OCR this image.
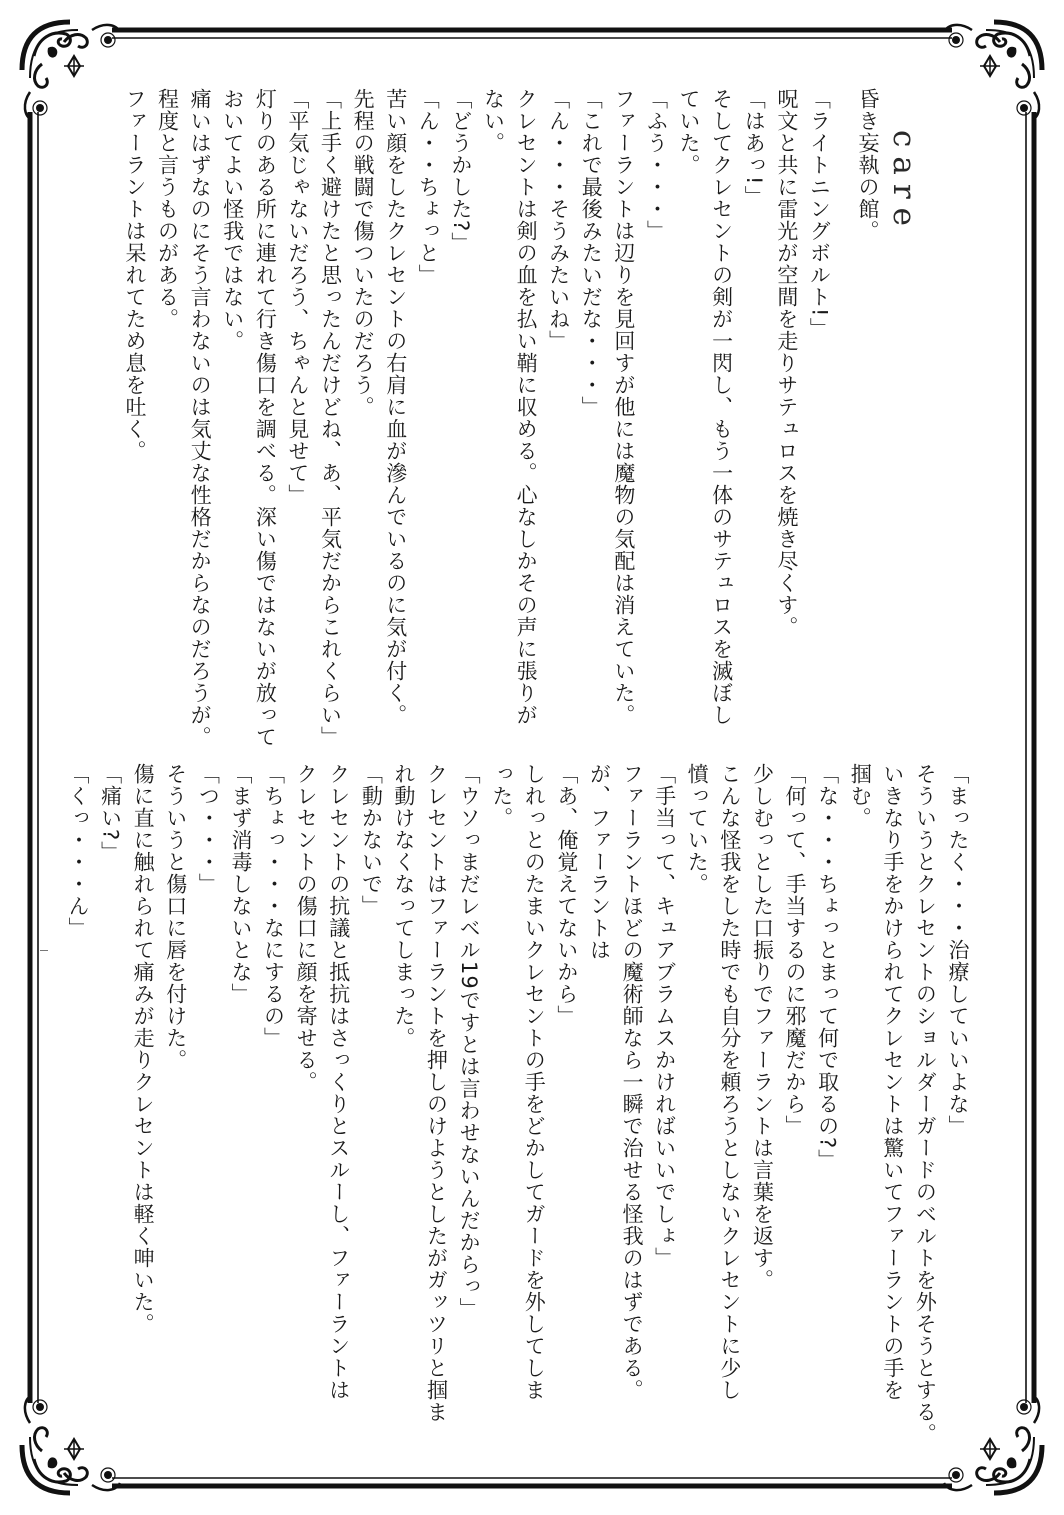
care

昏き妄執の館。

「ライトニングボルト!」

呪文と共に雷光が空間を走りサテュロスを焼き尽くす。

「はあっ!」

そしてクレセントの剣が一閃し、もう一体のサテュロスを滅ぼし

ていた。

「ふう・・・」

ファーラントは辺りを見回すが他には魔物の気配は消えていた。

「これで最後みたいだな・・・」

「ん・・・そうみたいね」

クレセントは剣の血を払い鞘に収める。心なしかその声に張りが

ない。

「どうかした?」

「ん・・ちょっと」

苦い顔をしたクレセントの右肩に血が滲んでいるのに気が付く。

先程の戦闘で傷ついたのだろう。

「上手く避けたと思ったんだけどね、あ、平気だからこれくらい」

「平気じゃないだろう、ちゃんと見せて」

灯りのある所に連れて行き傷口を調べる。深い傷ではないが放って

おいてよい怪我ではない。

痛いはずなのにそう言わないのは気丈な性格だからなのだろうが。

程度と言うものがある。

ファーラントは呆れてため息を吐く。

「まったく・・・治療していいよな」

そういうとクレセントのショルダーガードのベルトを外そうとする。

いきなり手をかけられてクレセントは驚いてファーラントの手を

掴む。

「な・・・ちょっとまって何で取るの?」

「何って、手当するのに邪魔だから」

少しむっとした口振りでファーラントは言葉を返す。

こんな怪我をした時でも自分を頼ろうとしないクレセントに少し

憤っていた。

「手当って、キュアブラムスかければいいでしょ」

ファーラントほどの魔術師なら一瞬で治せる怪我のはずである。

が、ファーラントは

「あ、俺覚えてないから」

しれっとのたまいクレセントの手をどかしてガードを外してしま

った。

「ウソっまだレベル19ですとは言わせないんだからっ」

クレセントはファーラントを押しのけようとしたがガッツリと掴ま

れ動けなくなってしまった。

「動かないで」

クレセントの抗議と抵抗はさっくりとスルーし、ファーラントは

クレセントの傷口に顔を寄せる。

「ちょっ・・・なにするの」

「まず消毒しないとな」

「つ・・・」

そういうと傷口に唇を付けた。

傷に直に触れられて痛みが走りクレセントは軽く呻いた。

「痛い?」

「くっ・・・ん」
